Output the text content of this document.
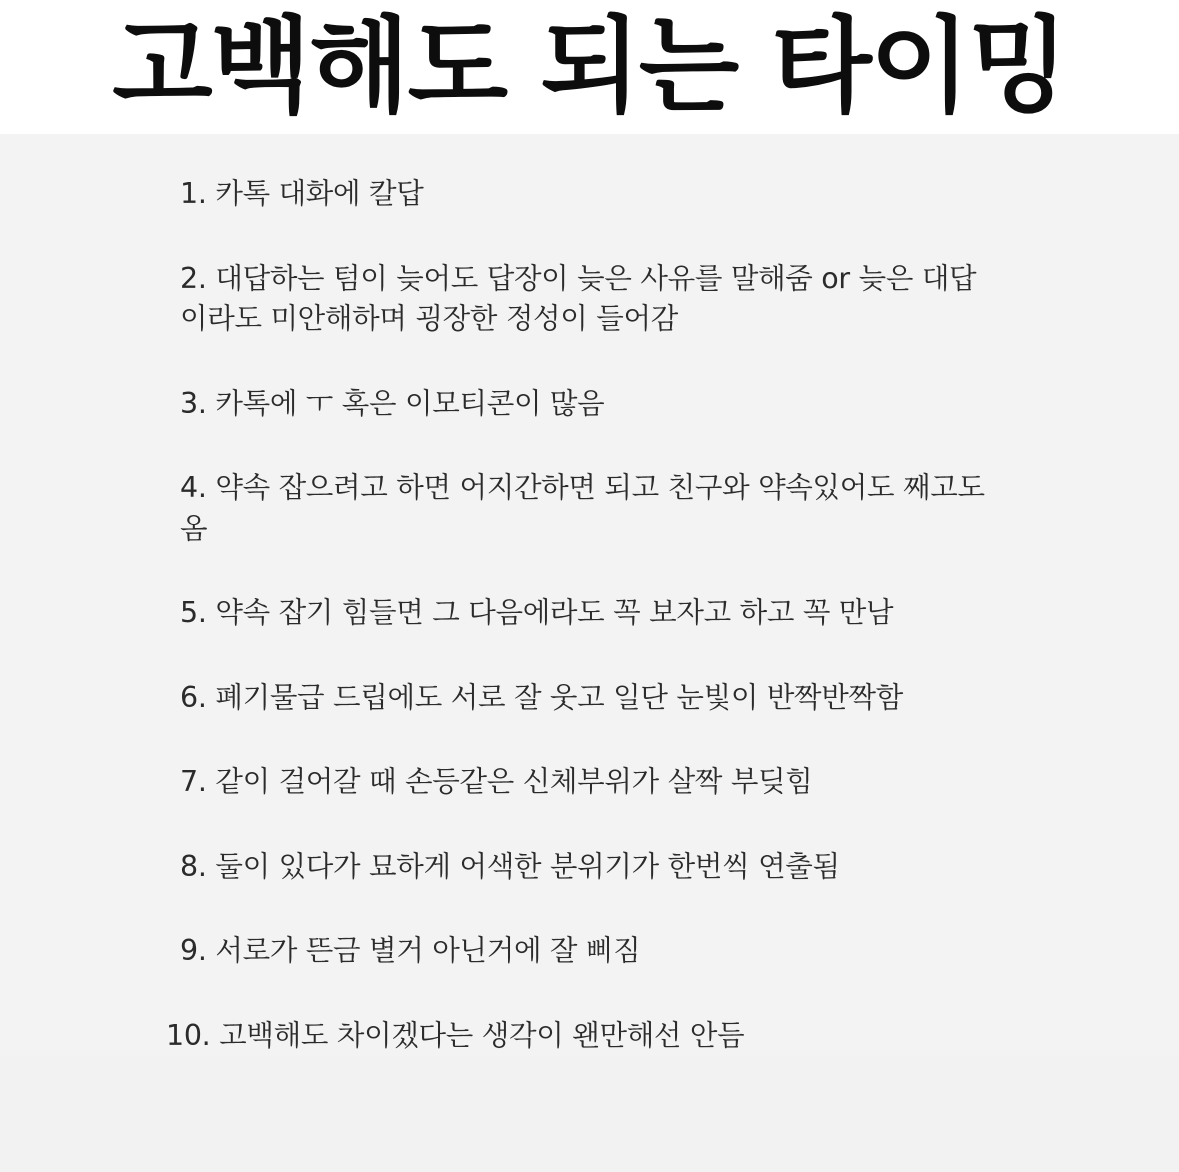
고백해도 되는 타이밍

1. 카톡 대화에 칼답

2. 대답하는 텀이 늦어도 답장이 늦은 사유를 말해줌 or 늦은 대답이라도 미안해하며 굉장한 정성이 들어감

3. 카톡에 ㅜ 혹은 이모티콘이 많음

4. 약속 잡으려고 하면 어지간하면 되고 친구와 약속있어도 째고도 옴

5. 약속 잡기 힘들면 그 다음에라도 꼭 보자고 하고 꼭 만남

6. 폐기물급 드립에도 서로 잘 웃고 일단 눈빛이 반짝반짝함

7. 같이 걸어갈 때 손등같은 신체부위가 살짝 부딪힘

8. 둘이 있다가 묘하게 어색한 분위기가 한번씩 연출됨

9. 서로가 뜬금 별거 아닌거에 잘 삐짐

10. 고백해도 차이겠다는 생각이 왠만해선 안듬
